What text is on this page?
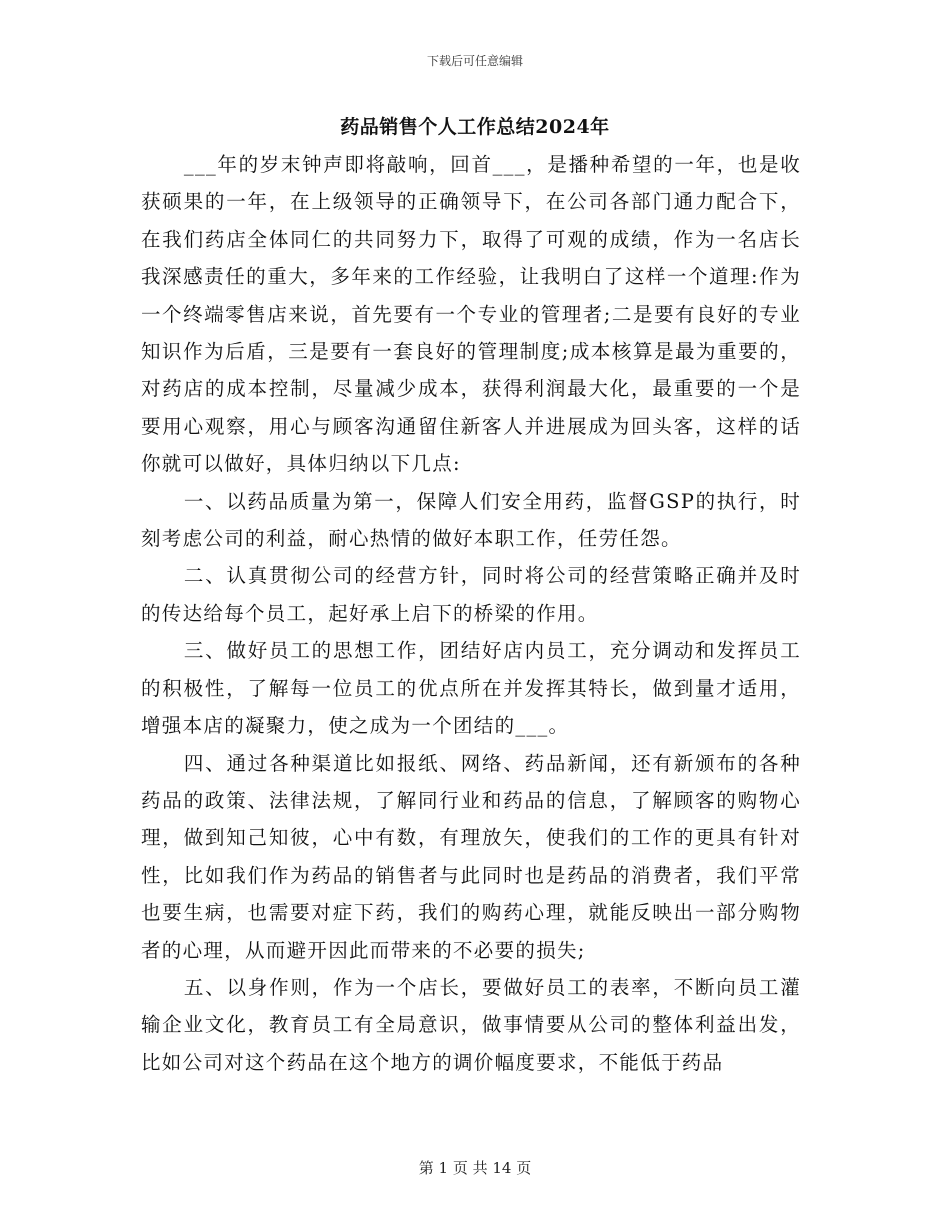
下载后可任意编辑
药品销售个人工作总结2024年

___年的岁末钟声即将敲响，回首___，是播种希望的一年，也是收获硕果的一年，在上级领导的正确领导下，在公司各部门通力配合下，在我们药店全体同仁的共同努力下，取得了可观的成绩，作为一名店长我深感责任的重大，多年来的工作经验，让我明白了这样一个道理:作为一个终端零售店来说，首先要有一个专业的管理者;二是要有良好的专业知识作为后盾，三是要有一套良好的管理制度;成本核算是最为重要的，对药店的成本控制，尽量减少成本，获得利润最大化，最重要的一个是要用心观察，用心与顾客沟通留住新客人并进展成为回头客，这样的话你就可以做好，具体归纳以下几点:

一、以药品质量为第一，保障人们安全用药，监督GSP的执行，时刻考虑公司的利益，耐心热情的做好本职工作，任劳任怨。

二、认真贯彻公司的经营方针，同时将公司的经营策略正确并及时的传达给每个员工，起好承上启下的桥梁的作用。

三、做好员工的思想工作，团结好店内员工，充分调动和发挥员工的积极性，了解每一位员工的优点所在并发挥其特长，做到量才适用，增强本店的凝聚力，使之成为一个团结的___。

四、通过各种渠道比如报纸、网络、药品新闻，还有新颁布的各种药品的政策、法律法规，了解同行业和药品的信息，了解顾客的购物心理，做到知己知彼，心中有数，有理放矢，使我们的工作的更具有针对性，比如我们作为药品的销售者与此同时也是药品的消费者，我们平常也要生病，也需要对症下药，我们的购药心理，就能反映出一部分购物者的心理，从而避开因此而带来的不必要的损失;

五、以身作则，作为一个店长，要做好员工的表率，不断向员工灌输企业文化，教育员工有全局意识，做事情要从公司的整体利益出发，比如公司对这个药品在这个地方的调价幅度要求，不能低于药品

第 1 页 共 14 页
